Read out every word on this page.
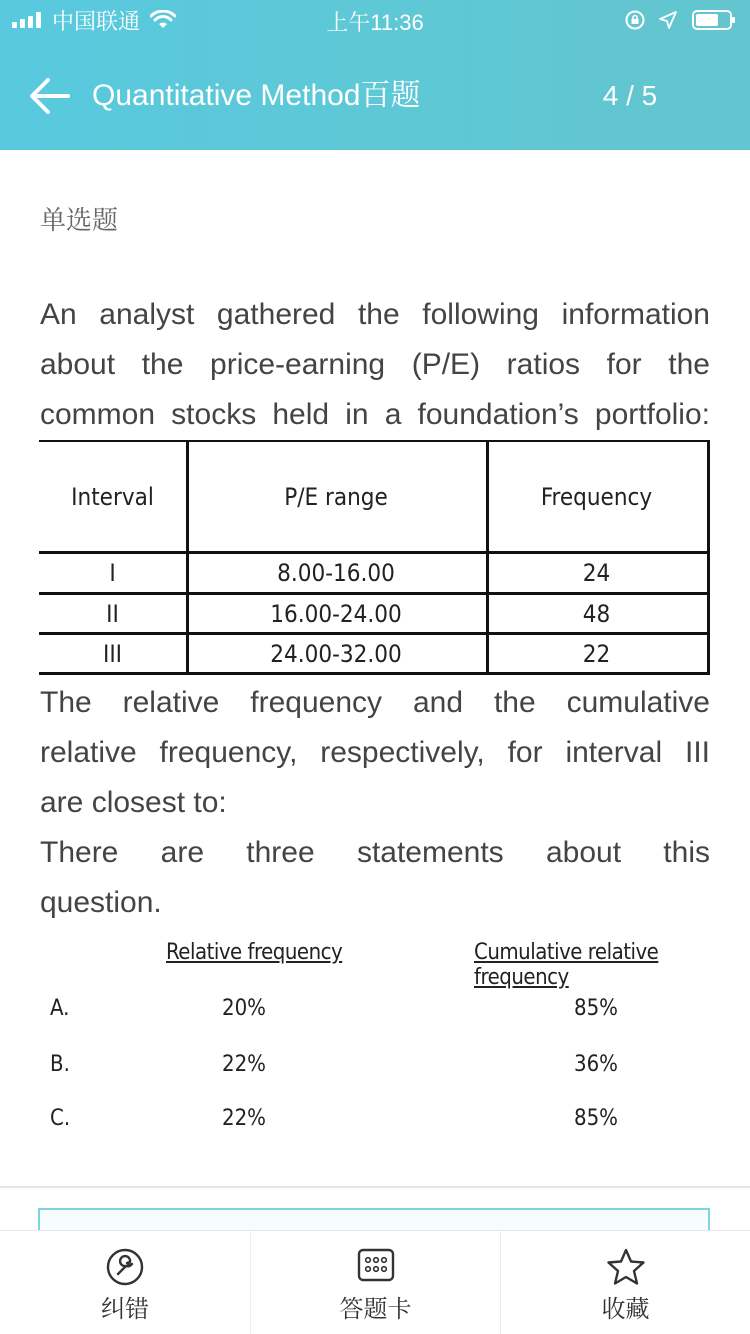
中国联通	上午11:36
Quantitative Method百题	4 / 5
单选题
An analyst gathered the following information
about the price-earning (P/E) ratios for the
common stocks held in a foundation’s portfolio:
Interval	P/E range	Frequency
I	8.00-16.00	24
II	16.00-24.00	48
III	24.00-32.00	22
The relative frequency and the cumulative
relative frequency, respectively, for interval III
are closest to:
There are three statements about this
question.
Relative frequency	Cumulative relative frequency
A.	20%	85%
B.	22%	36%
C.	22%	85%
纠错	答题卡	收藏
